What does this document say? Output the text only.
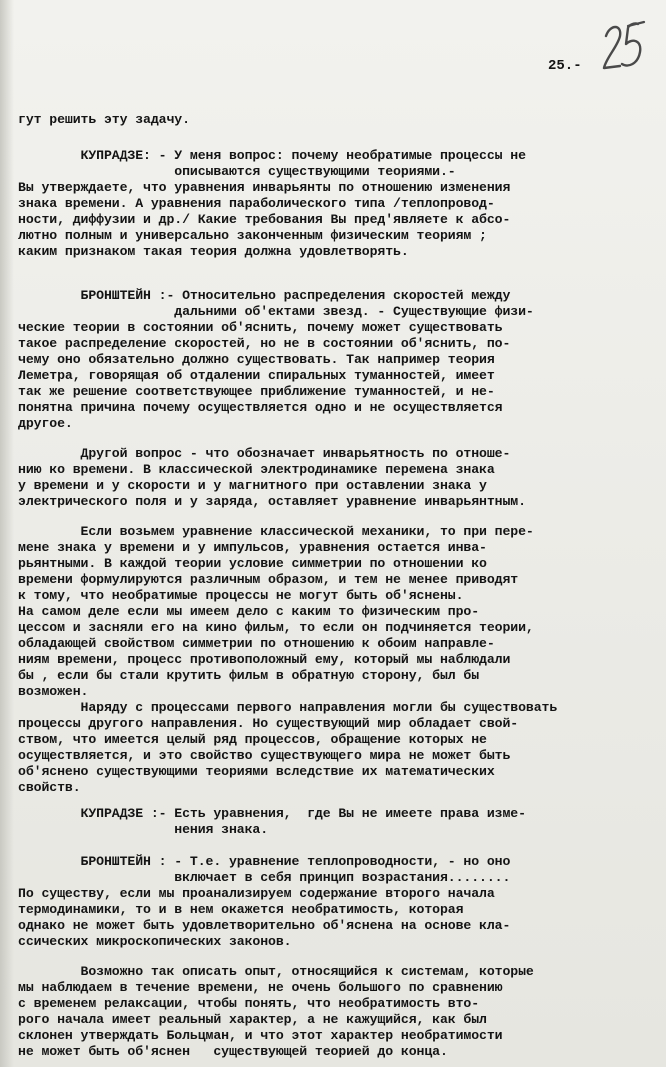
25.-
гут решить эту задачу.
КУПРАДЗЕ: - У меня вопрос: почему необратимые процессы не
описываются существующими теориями.-
Вы утверждаете, что уравнения инварьянты по отношению изменения
знака времени. А уравнения параболического типа /теплопровод-
ности, диффузии и др./ Какие требования Вы пред'являете к абсо-
лютно полным и универсально законченным физическим теориям ;
каким признаком такая теория должна удовлетворять.
БРОНШТЕЙН :- Относительно распределения скоростей между
дальними об'ектами звезд. - Существующие физи-
ческие теории в состоянии об'яснить, почему может существовать
такое распределение скоростей, но не в состоянии об'яснить, по-
чему оно обязательно должно существовать. Так например теория
Леметра, говорящая об отдалении спиральных туманностей, имеет
так же решение соответствующее приближение туманностей, и не-
понятна причина почему осуществляется одно и не осуществляется
другое.
Другой вопрос - что обозначает инварьятность по отноше-
нию ко времени. В классической электродинамике перемена знака
у времени и у скорости и у магнитного при оставлении знака у
электрического поля и у заряда, оставляет уравнение инварьянтным.
Если возьмем уравнение классической механики, то при пере-
мене знака у времени и у импульсов, уравнения остается инва-
рьянтными. В каждой теории условие симметрии по отношении ко
времени формулируются различным образом, и тем не менее приводят
к тому, что необратимые процессы не могут быть об'яснены.
На самом деле если мы имеем дело с каким то физическим про-
цессом и засняли его на кино фильм, то если он подчиняется теории,
обладающей свойством симметрии по отношению к обоим направле-
ниям времени, процесс противоположный ему, который мы наблюдали
бы , если бы стали крутить фильм в обратную сторону, был бы
возможен.
Наряду с процессами первого направления могли бы существовать
процессы другого направления. Но существующий мир обладает свой-
ством, что имеется целый ряд процессов, обращение которых не
осуществляется, и это свойство существующего мира не может быть
об'яснено существующими теориями вследствие их математических
свойств.
КУПРАДЗЕ :- Есть уравнения,  где Вы не имеете права изме-
нения знака.
БРОНШТЕЙН : - Т.е. уравнение теплопроводности, - но оно
включает в себя принцип возрастания........
По существу, если мы проанализируем содержание второго начала
термодинамики, то и в нем окажется необратимость, которая
однако не может быть удовлетворительно об'яснена на основе кла-
ссических микроскопических законов.
Возможно так описать опыт, относящийся к системам, которые
мы наблюдаем в течение времени, не очень большого по сравнению
с временем релаксации, чтобы понять, что необратимость вто-
рого начала имеет реальный характер, а не кажущийся, как был
склонен утверждать Больцман, и что этот характер необратимости
не может быть об'яснен   существующей теорией до конца.
